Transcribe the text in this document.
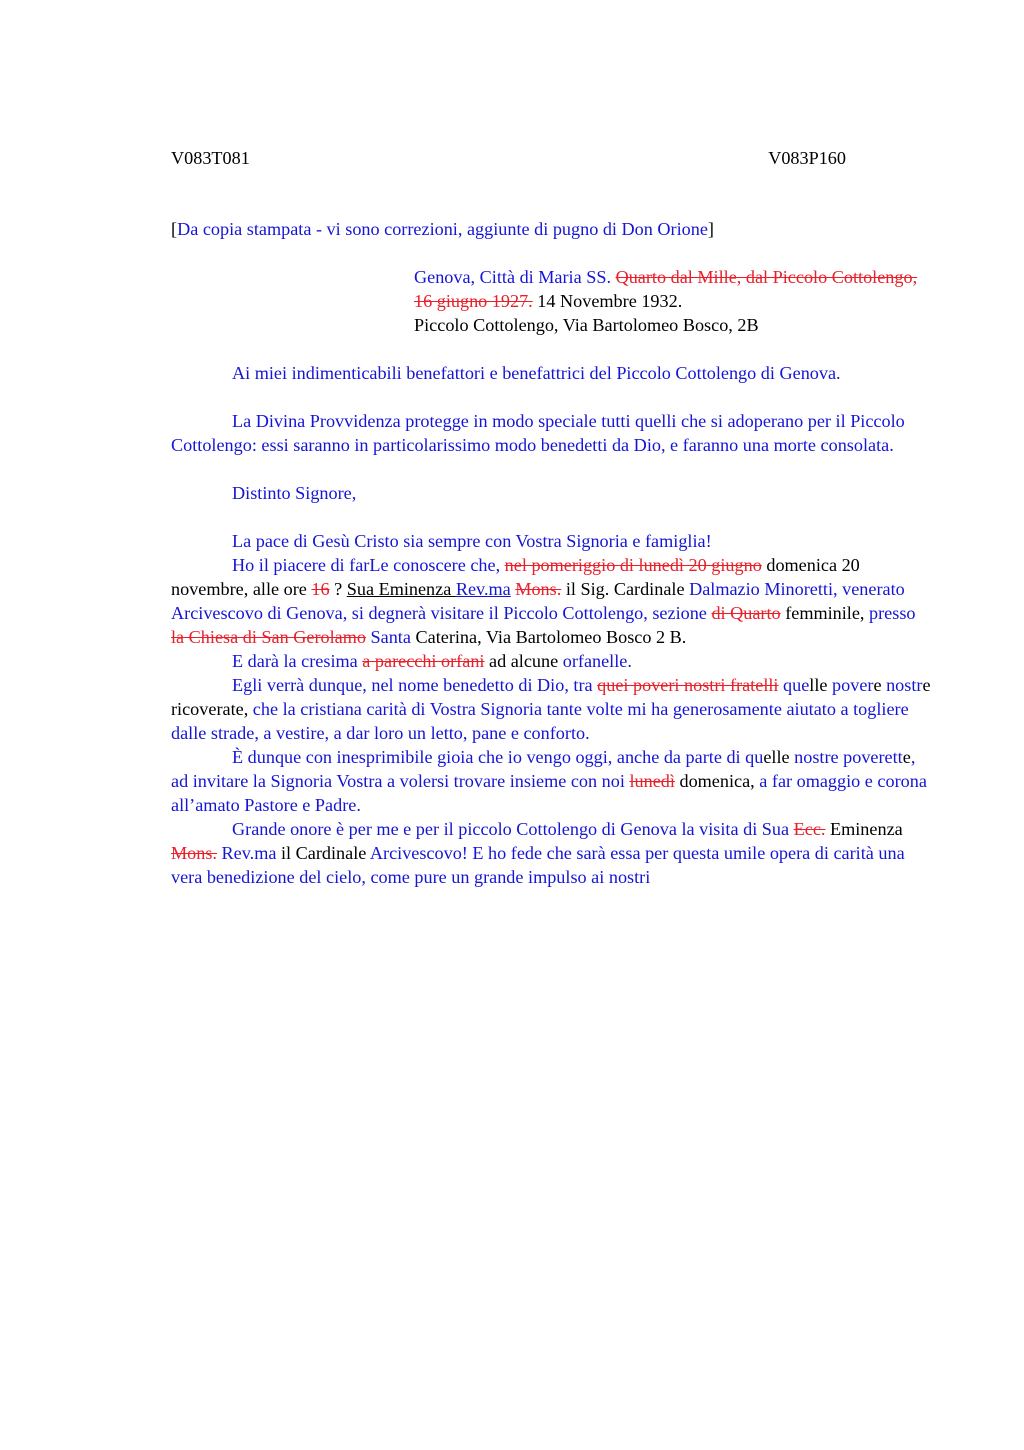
V083T081	V083P160

[Da copia stampata - vi sono correzioni, aggiunte di pugno di Don Orione]

Genova, Città di Maria SS. Quarto dal Mille, dal Piccolo Cottolengo, 16 giugno 1927. 14 Novembre 1932.

Piccolo Cottolengo, Via Bartolomeo Bosco, 2B

Ai miei indimenticabili benefattori e benefattrici del Piccolo Cottolengo di Genova.

La Divina Provvidenza protegge in modo speciale tutti quelli che si adoperano per il Piccolo Cottolengo: essi saranno in particolarissimo modo benedetti da Dio, e faranno una morte consolata.

Distinto Signore,

La pace di Gesù Cristo sia sempre con Vostra Signoria e famiglia!

Ho il piacere di farLe conoscere che, nel pomeriggio di lunedì 20 giugno domenica 20 novembre, alle ore 16 ? Sua Eminenza Rev.ma Mons. il Sig. Cardinale Dalmazio Minoretti, venerato Arcivescovo di Genova, si degnerà visitare il Piccolo Cottolengo, sezione di Quarto femminile, presso la Chiesa di San Gerolamo Santa Caterina, Via Bartolomeo Bosco 2 B.

E darà la cresima a parecchi orfani ad alcune orfanelle.

Egli verrà dunque, nel nome benedetto di Dio, tra quei poveri nostri fratelli quelle povere nostre ricoverate, che la cristiana carità di Vostra Signoria tante volte mi ha generosamente aiutato a togliere dalle strade, a vestire, a dar loro un letto, pane e conforto.

È dunque con inesprimibile gioia che io vengo oggi, anche da parte di quelle nostre poverette, ad invitare la Signoria Vostra a volersi trovare insieme con noi lunedì domenica, a far omaggio e corona all’amato Pastore e Padre.

Grande onore è per me e per il piccolo Cottolengo di Genova la visita di Sua Ecc. Eminenza Mons. Rev.ma il Cardinale Arcivescovo! E ho fede che sarà essa per questa umile opera di carità una vera benedizione del cielo, come pure un grande impulso ai nostri
